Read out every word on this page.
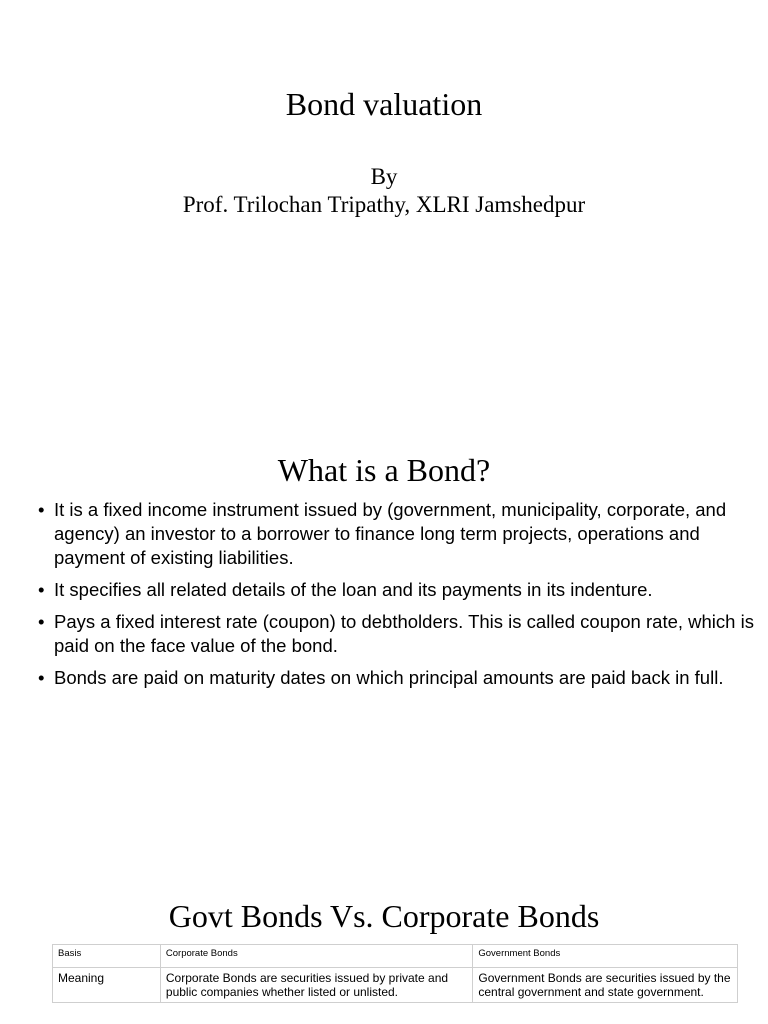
Bond valuation
By
Prof. Trilochan Tripathy, XLRI Jamshedpur
What is a Bond?
• It is a fixed income instrument issued by (government, municipality, corporate, and agency) an investor to a borrower to finance long term projects, operations and payment of existing liabilities.
• It specifies all related details of the loan and its payments in its indenture.
• Pays a fixed interest rate (coupon) to debtholders. This is called coupon rate, which is paid on the face value of the bond.
• Bonds are paid on maturity dates on which principal amounts are paid back in full.
Govt Bonds Vs. Corporate Bonds
Basis	Corporate Bonds	Government Bonds
Meaning	Corporate Bonds are securities issued by private and public companies whether listed or unlisted.	Government Bonds are securities issued by the central government and state government.
